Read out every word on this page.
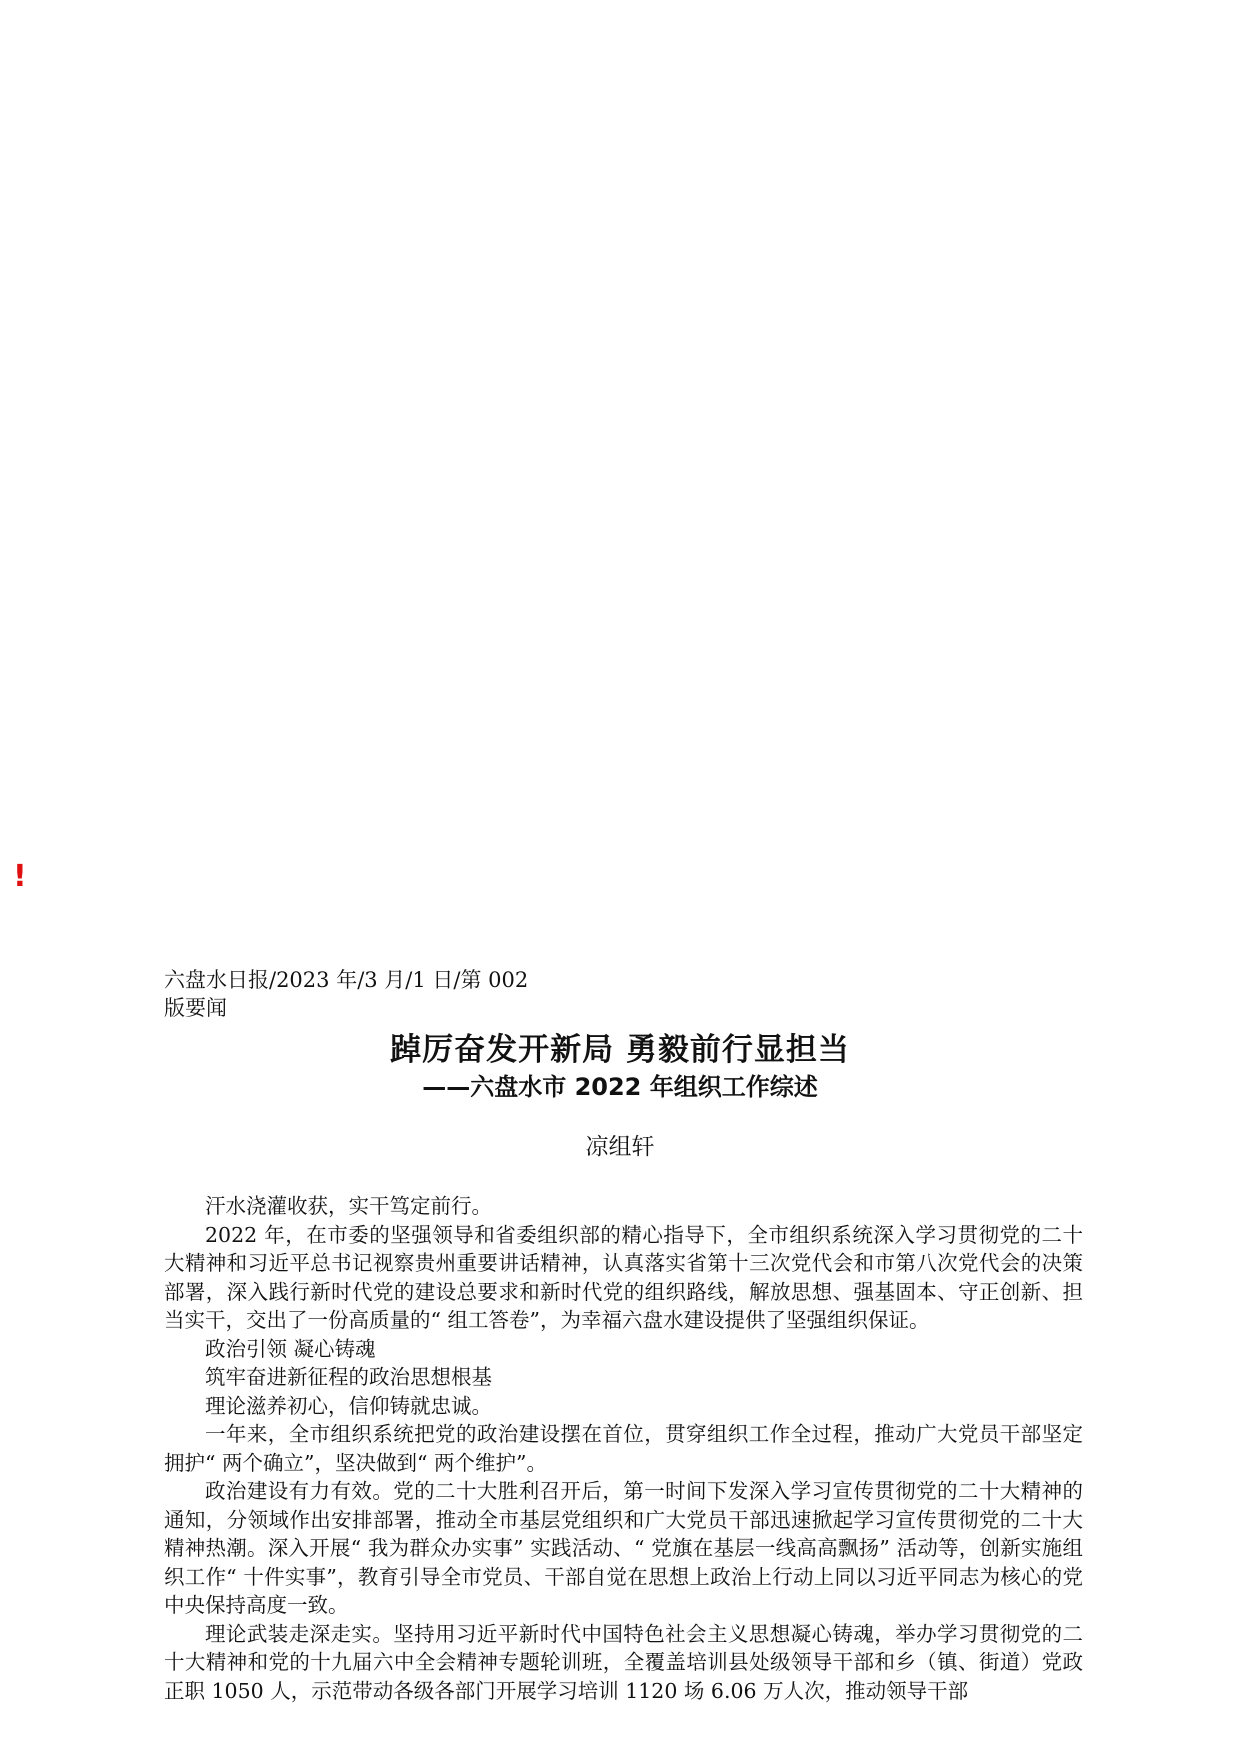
!
六盘水日报/2023 年/3 月/1 日/第 002
版要闻
踔厉奋发开新局 勇毅前行显担当
——六盘水市 2022 年组织工作综述
凉组轩

汗水浇灌收获，实干笃定前行。

2022 年，在市委的坚强领导和省委组织部的精心指导下，全市组织系统深入学习贯彻党的二十大精神和习近平总书记视察贵州重要讲话精神，认真落实省第十三次党代会和市第八次党代会的决策部署，深入践行新时代党的建设总要求和新时代党的组织路线，解放思想、强基固本、守正创新、担当实干，交出了一份高质量的“ 组工答卷”，为幸福六盘水建设提供了坚强组织保证。

政治引领 凝心铸魂

筑牢奋进新征程的政治思想根基

理论滋养初心，信仰铸就忠诚。

一年来，全市组织系统把党的政治建设摆在首位，贯穿组织工作全过程，推动广大党员干部坚定拥护“ 两个确立”，坚决做到“ 两个维护”。

政治建设有力有效。党的二十大胜利召开后，第一时间下发深入学习宣传贯彻党的二十大精神的通知，分领域作出安排部署，推动全市基层党组织和广大党员干部迅速掀起学习宣传贯彻党的二十大精神热潮。深入开展“ 我为群众办实事” 实践活动、“ 党旗在基层一线高高飘扬” 活动等，创新实施组织工作“ 十件实事”，教育引导全市党员、干部自觉在思想上政治上行动上同以习近平同志为核心的党中央保持高度一致。

理论武装走深走实。坚持用习近平新时代中国特色社会主义思想凝心铸魂，举办学习贯彻党的二十大精神和党的十九届六中全会精神专题轮训班，全覆盖培训县处级领导干部和乡（镇、街道）党政正职 1050 人，示范带动各级各部门开展学习培训 1120 场 6.06 万人次，推动领导干部
